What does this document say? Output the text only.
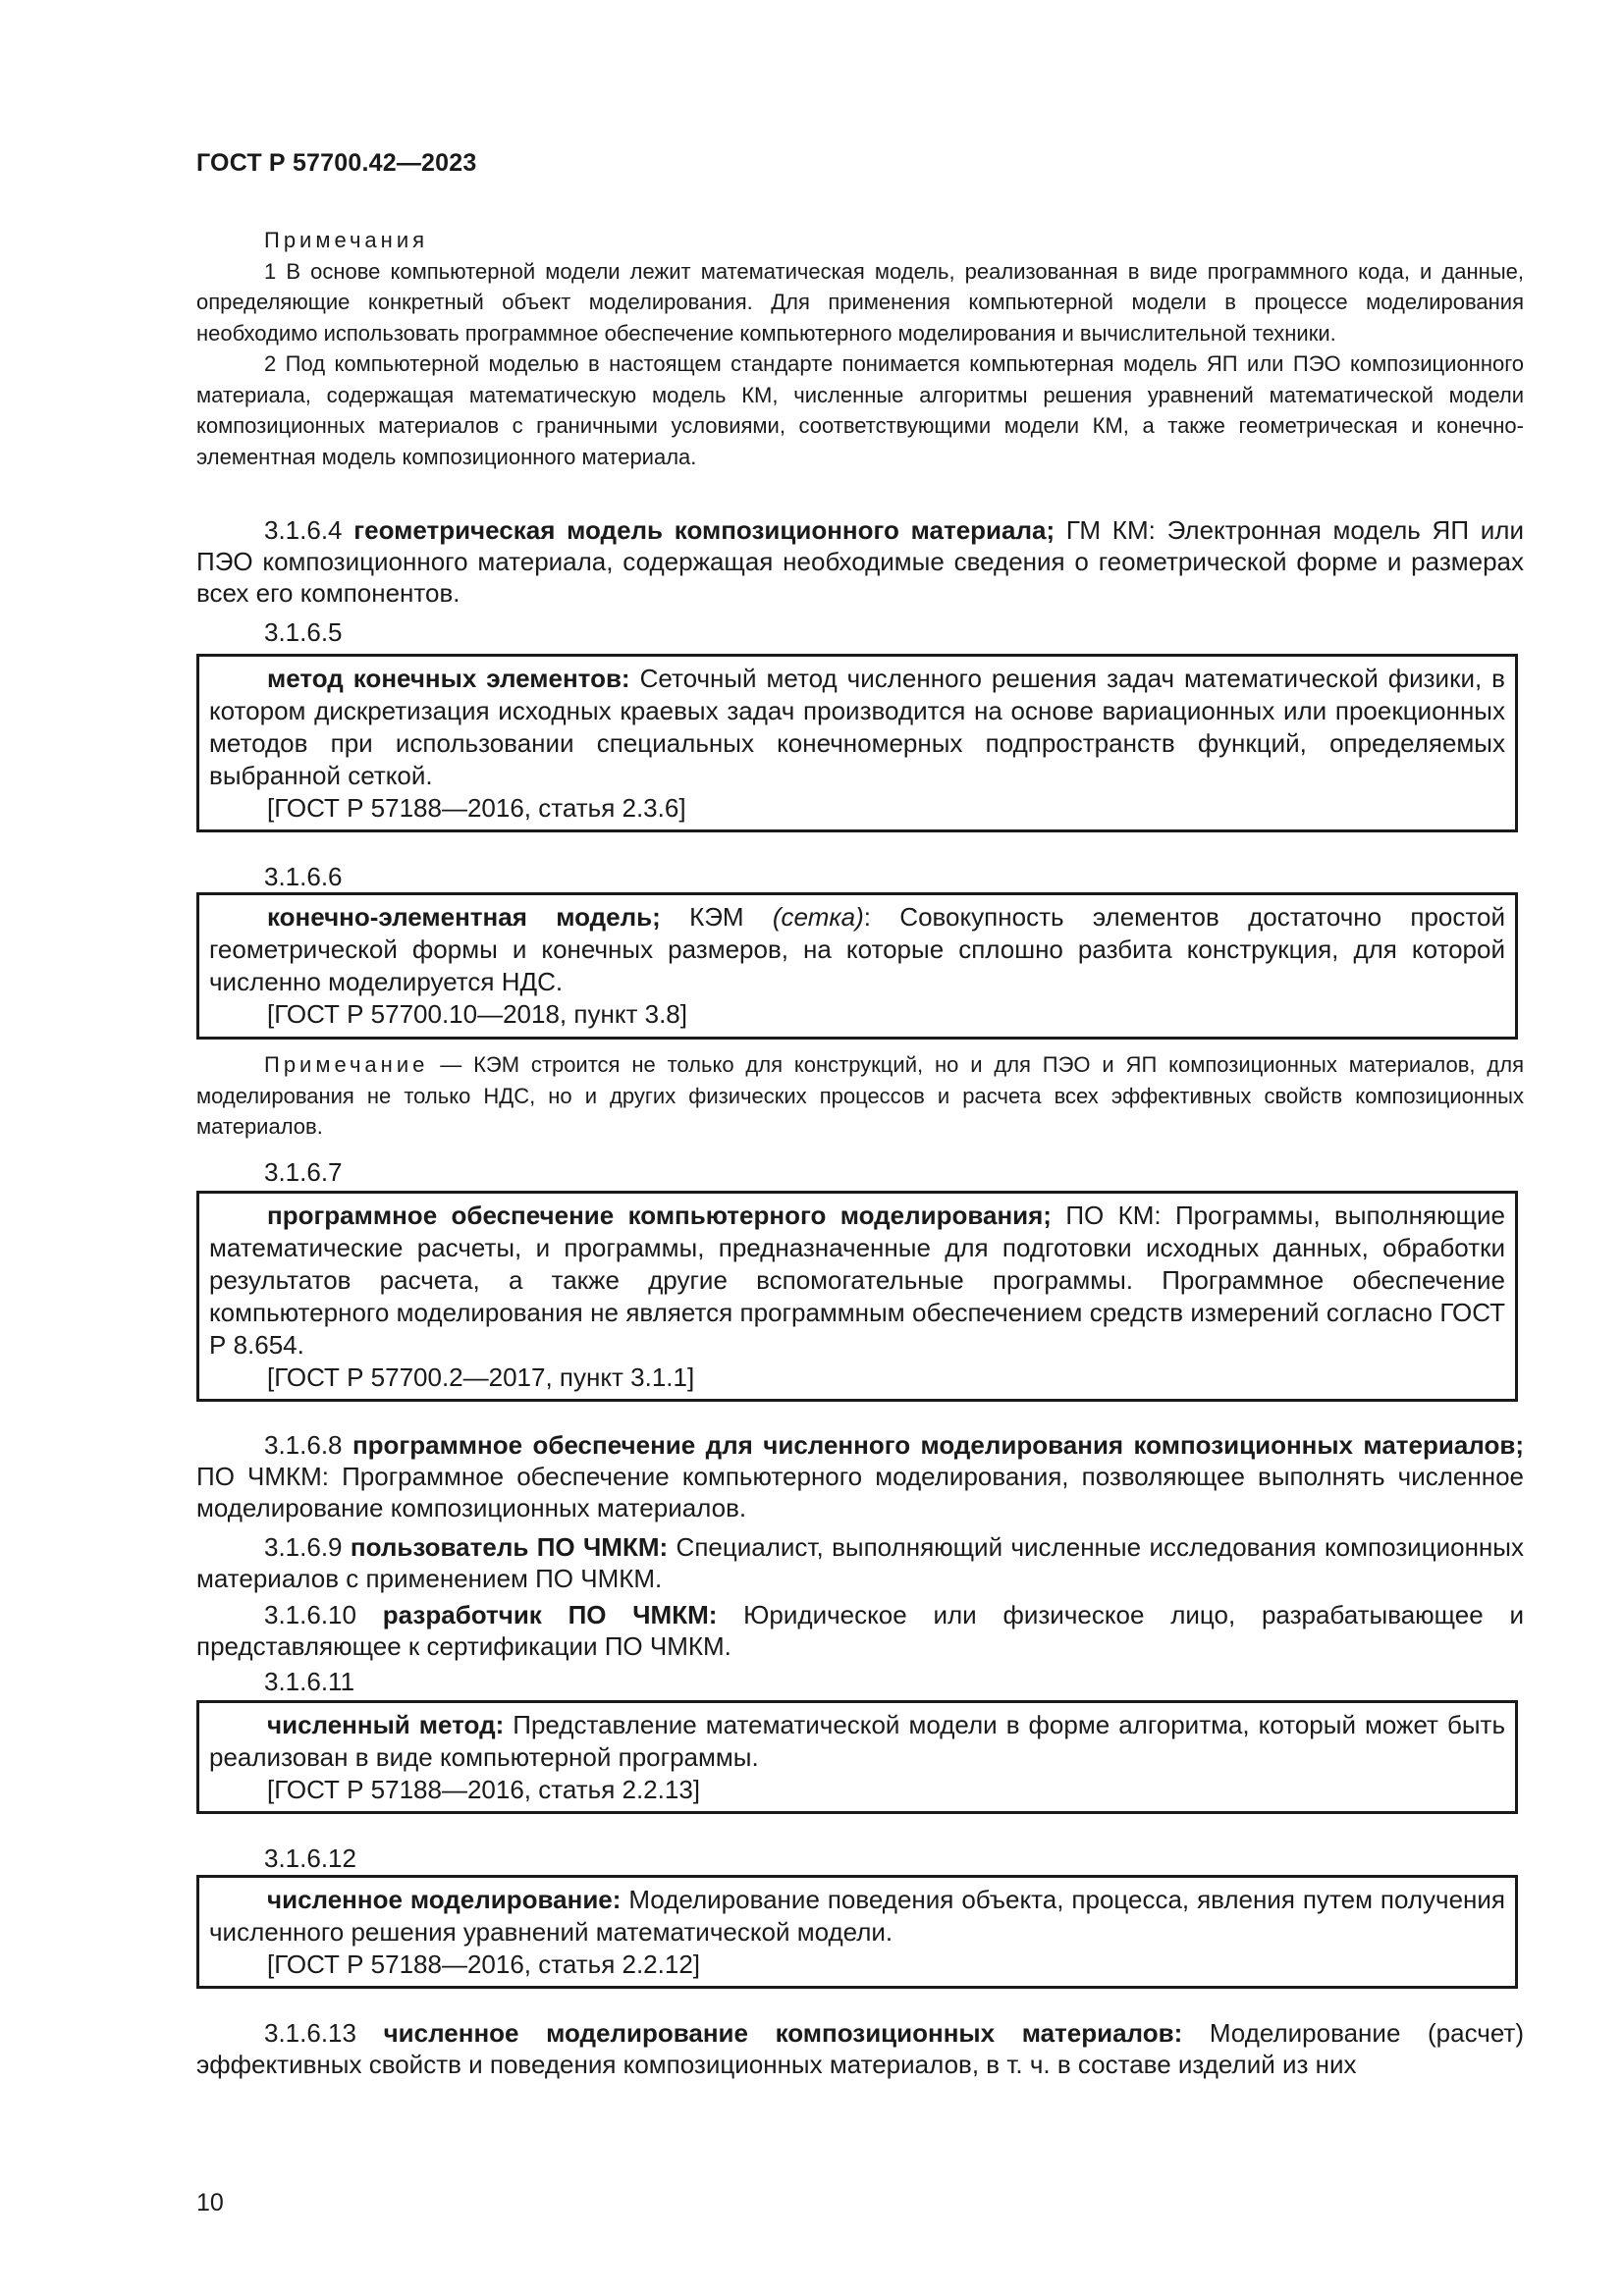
ГОСТ Р 57700.42—2023

Примечания

1 В основе компьютерной модели лежит математическая модель, реализованная в виде программного кода, и данные, определяющие конкретный объект моделирования. Для применения компьютерной модели в процессе моделирования необходимо использовать программное обеспечение компьютерного моделирования и вычислительной техники.

2 Под компьютерной моделью в настоящем стандарте понимается компьютерная модель ЯП или ПЭО композиционного материала, содержащая математическую модель КМ, численные алгоритмы решения уравнений математической модели композиционных материалов с граничными условиями, соответствующими модели КМ, а также геометрическая и конечно-элементная модель композиционного материала.

3.1.6.4 геометрическая модель композиционного материала; ГМ КМ: Электронная модель ЯП или ПЭО композиционного материала, содержащая необходимые сведения о геометрической форме и размерах всех его компонентов.

3.1.6.5

метод конечных элементов: Сеточный метод численного решения задач математической физики, в котором дискретизация исходных краевых задач производится на основе вариационных или проекционных методов при использовании специальных конечномерных подпространств функций, определяемых выбранной сеткой.

[ГОСТ Р 57188—2016, статья 2.3.6]

3.1.6.6

конечно-элементная модель; КЭМ (сетка): Совокупность элементов достаточно простой геометрической формы и конечных размеров, на которые сплошно разбита конструкция, для которой численно моделируется НДС.

[ГОСТ Р 57700.10—2018, пункт 3.8]

Примечание — КЭМ строится не только для конструкций, но и для ПЭО и ЯП композиционных материалов, для моделирования не только НДС, но и других физических процессов и расчета всех эффективных свойств композиционных материалов.

3.1.6.7

программное обеспечение компьютерного моделирования; ПО КМ: Программы, выполняющие математические расчеты, и программы, предназначенные для подготовки исходных данных, обработки результатов расчета, а также другие вспомогательные программы. Программное обеспечение компьютерного моделирования не является программным обеспечением средств измерений согласно ГОСТ Р 8.654.

[ГОСТ Р 57700.2—2017, пункт 3.1.1]

3.1.6.8 программное обеспечение для численного моделирования композиционных материалов; ПО ЧМКМ: Программное обеспечение компьютерного моделирования, позволяющее выполнять численное моделирование композиционных материалов.

3.1.6.9 пользователь ПО ЧМКМ: Специалист, выполняющий численные исследования композиционных материалов с применением ПО ЧМКМ.

3.1.6.10 разработчик ПО ЧМКМ: Юридическое или физическое лицо, разрабатывающее и представляющее к сертификации ПО ЧМКМ.

3.1.6.11

численный метод: Представление математической модели в форме алгоритма, который может быть реализован в виде компьютерной программы.

[ГОСТ Р 57188—2016, статья 2.2.13]

3.1.6.12

численное моделирование: Моделирование поведения объекта, процесса, явления путем получения численного решения уравнений математической модели.

[ГОСТ Р 57188—2016, статья 2.2.12]

3.1.6.13 численное моделирование композиционных материалов: Моделирование (расчет) эффективных свойств и поведения композиционных материалов, в т. ч. в составе изделий из них

10
